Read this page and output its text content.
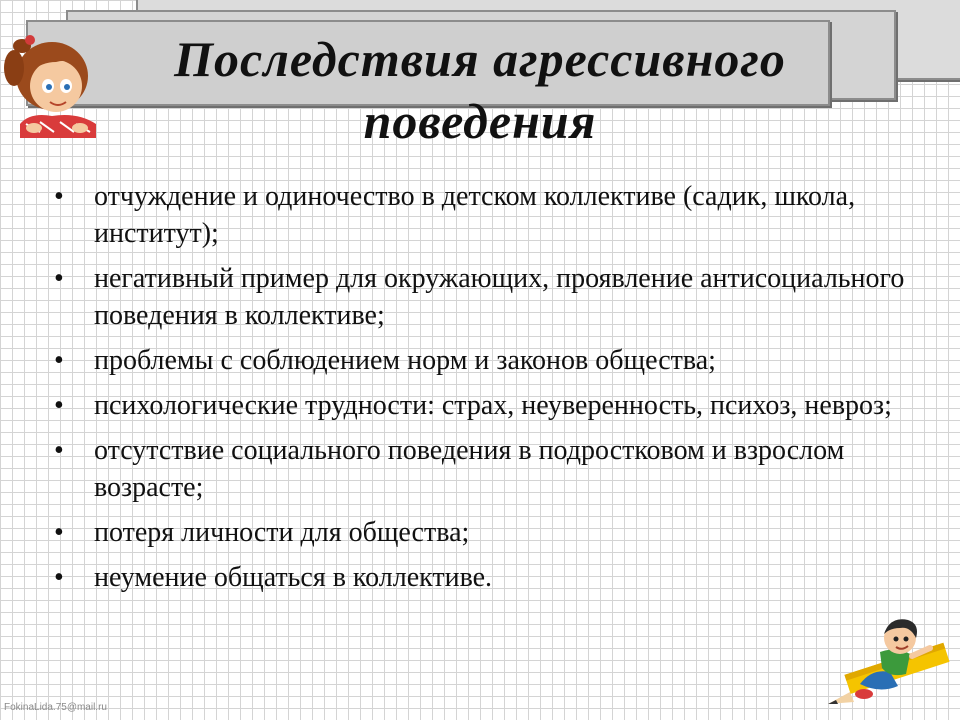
Последствия агрессивного поведения
• отчуждение и одиночество в детском коллективе (садик, школа, институт);
• негативный пример для окружающих, проявление антисоциального поведения в коллективе;
• проблемы с соблюдением норм и законов общества;
• психологические трудности: страх, неуверенность, психоз, невроз;
• отсутствие социального поведения в подростковом и взрослом возрасте;
• потеря личности для общества;
• неумение общаться в коллективе.
FokinaLida.75@mail.ru
